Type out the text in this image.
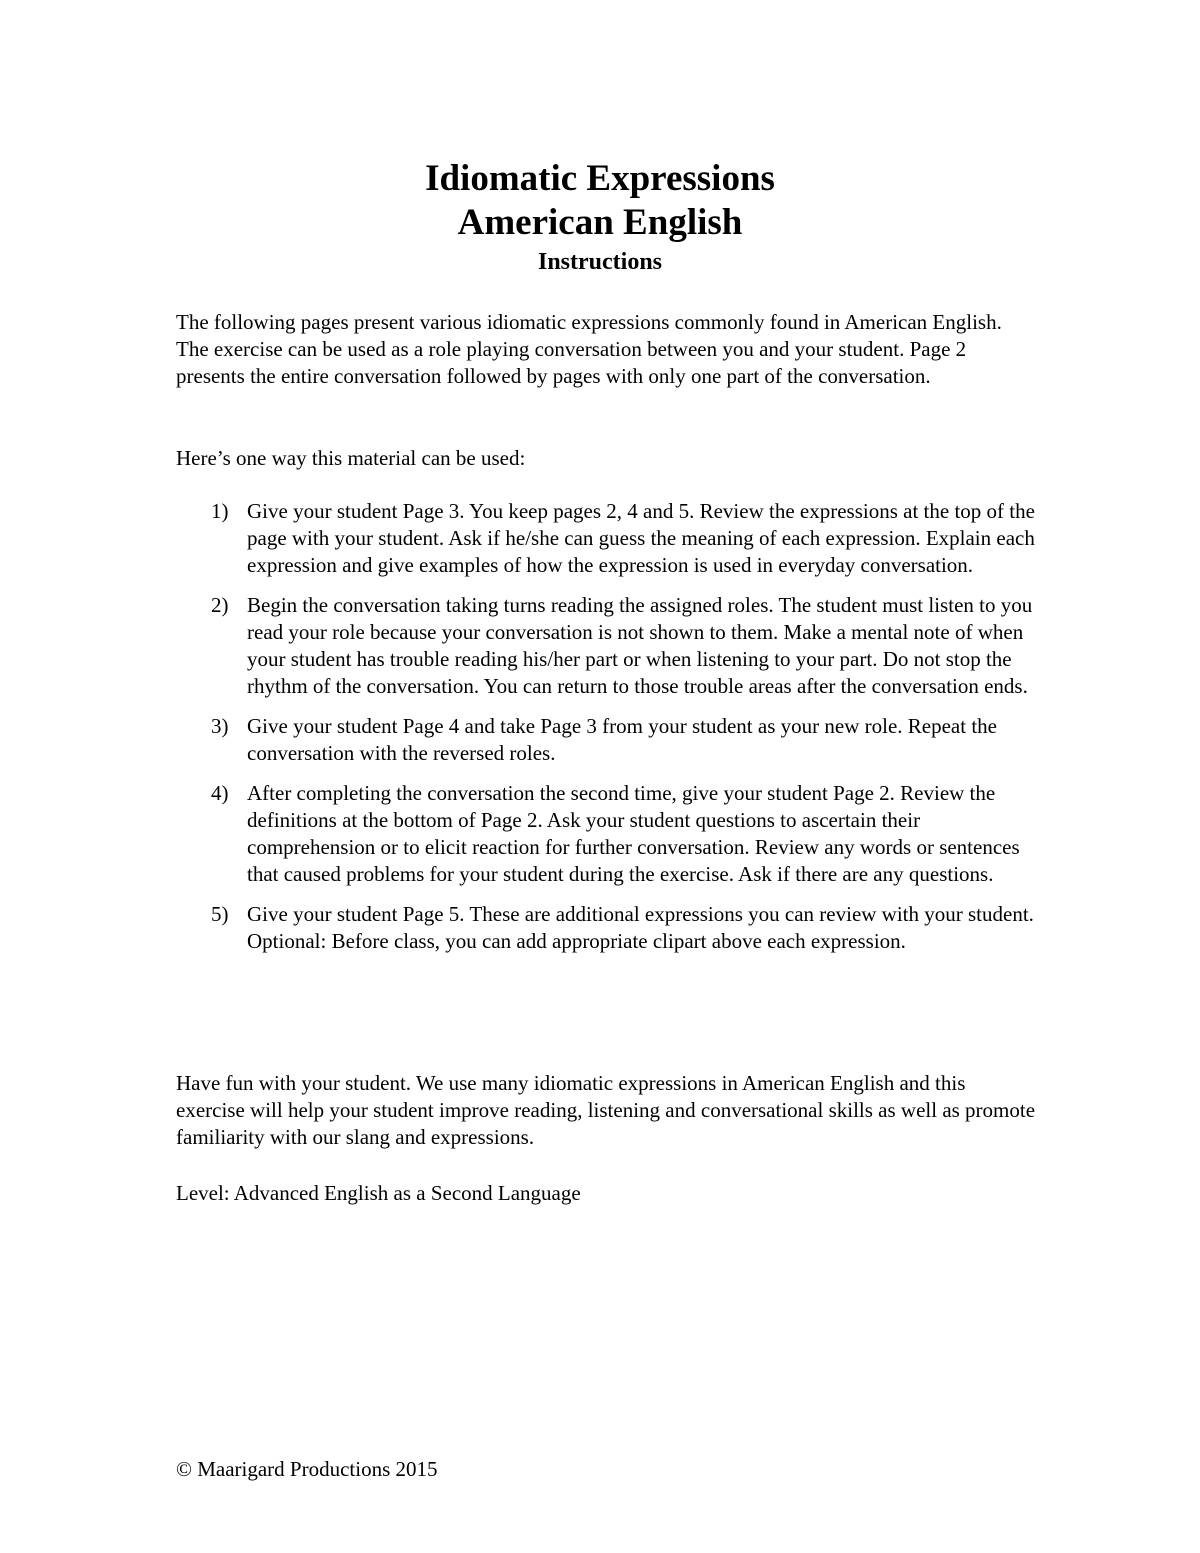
Idiomatic Expressions
American English
Instructions

The following pages present various idiomatic expressions commonly found in American English. The exercise can be used as a role playing conversation between you and your student. Page 2 presents the entire conversation followed by pages with only one part of the conversation.

Here’s one way this material can be used:

1) Give your student Page 3. You keep pages 2, 4 and 5. Review the expressions at the top of the page with your student. Ask if he/she can guess the meaning of each expression. Explain each expression and give examples of how the expression is used in everyday conversation.
2) Begin the conversation taking turns reading the assigned roles. The student must listen to you read your role because your conversation is not shown to them. Make a mental note of when your student has trouble reading his/her part or when listening to your part. Do not stop the rhythm of the conversation. You can return to those trouble areas after the conversation ends.
3) Give your student Page 4 and take Page 3 from your student as your new role. Repeat the conversation with the reversed roles.
4) After completing the conversation the second time, give your student Page 2. Review the definitions at the bottom of Page 2. Ask your student questions to ascertain their comprehension or to elicit reaction for further conversation. Review any words or sentences that caused problems for your student during the exercise. Ask if there are any questions.
5) Give your student Page 5. These are additional expressions you can review with your student. Optional: Before class, you can add appropriate clipart above each expression.

Have fun with your student. We use many idiomatic expressions in American English and this exercise will help your student improve reading, listening and conversational skills as well as promote familiarity with our slang and expressions.

Level: Advanced English as a Second Language

© Maarigard Productions 2015
